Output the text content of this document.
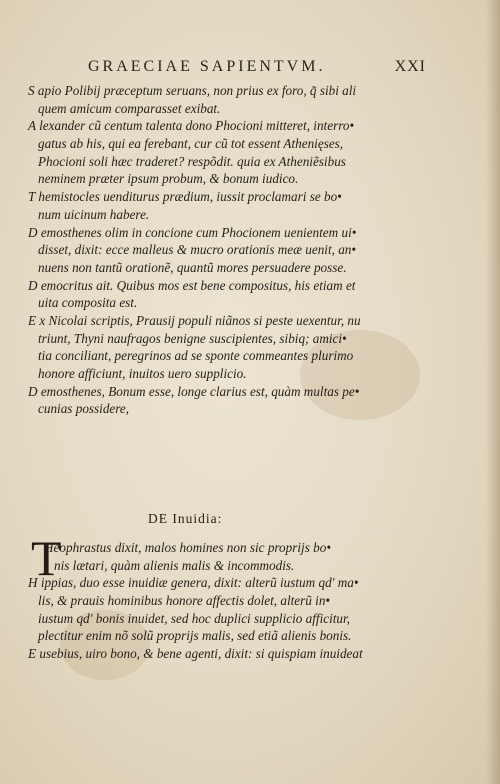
GRAECIAE SAPIENTVM.	XXI
S apio Polibij præceptum seruans, non prius ex foro, q̃ sibi ali
quem amicum comparasset exibat.
A lexander cũ centum talenta dono Phocioni mitteret, interro•
gatus ab his, qui ea ferebant, cur cũ tot essent Athenięses,
Phocioni soli hæc traderet? respõdit. quia ex Atheniẽsibus
neminem præter ipsum probum, & bonum iudico.
T hemistocles uenditurus prædium, iussit proclamari se bo•
num uicinum habere.
D emosthenes olim in concione cum Phocionem uenientem ui•
disset, dixit: ecce malleus & mucro orationis meæ uenit, an•
nuens non tantũ orationẽ, quantũ mores persuadere posse.
D emocritus ait. Quibus mos est bene compositus, his etiam et
uita composita est.
E x Nicolai scriptis, Prausij populi niãnos si peste uexentur, nu
triunt, Thyni naufragos benigne suscipientes, sibiq; amici•
tia conciliant, peregrinos ad se sponte commeantes plurimo
honore afficiunt, inuitos uero supplicio.
D emosthenes, Bonum esse, longe clarius est, quàm multas pe•
cunias possidere,
DE Inuidia:
T
Heophrastus dixit, malos homines non sic proprijs bo•
nis lætari, quàm alienis malis & incommodis.
H ippias, duo esse inuidiæ genera, dixit: alterũ iustum qd' ma•
lis, & prauis hominibus honore affectis dolet, alterũ in•
iustum qd' bonis inuidet, sed hoc duplici supplicio afficitur,
plectitur enim nõ solũ proprijs malis, sed etiã alienis bonis.
E usebius, uiro bono, & bene agenti, dixit: si quispiam inuideat
